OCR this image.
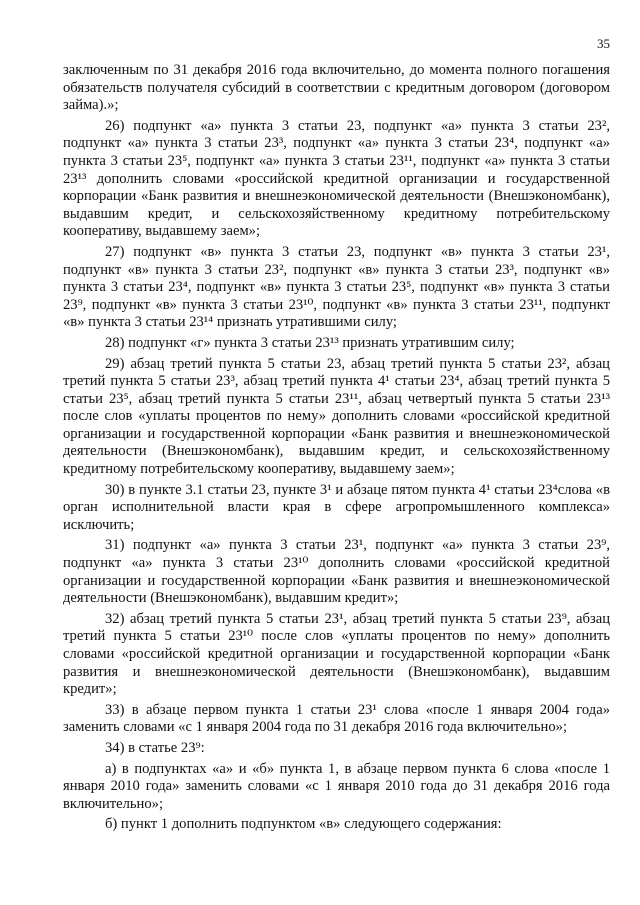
35

заключенным по 31 декабря 2016 года включительно, до момента полного погашения обязательств получателя субсидий в соответствии с кредитным договором (договором займа).»;

26) подпункт «а» пункта 3 статьи 23, подпункт «а» пункта 3 статьи 23², подпункт «а» пункта 3 статьи 23³, подпункт «а» пункта 3 статьи 23⁴, подпункт «а» пункта 3 статьи 23⁵, подпункт «а» пункта 3 статьи 23¹¹, подпункт «а» пункта 3 статьи 23¹³ дополнить словами «российской кредитной организации и государственной корпорации «Банк развития и внешнеэкономической деятельности (Внешэкономбанк), выдавшим кредит, и сельскохозяйственному кредитному потребительскому кооперативу, выдавшему заем»;

27) подпункт «в» пункта 3 статьи 23, подпункт «в» пункта 3 статьи 23¹, подпункт «в» пункта 3 статьи 23², подпункт «в» пункта 3 статьи 23³, подпункт «в» пункта 3 статьи 23⁴, подпункт «в» пункта 3 статьи 23⁵, подпункт «в» пункта 3 статьи 23⁹, подпункт «в» пункта 3 статьи 23¹⁰, подпункт «в» пункта 3 статьи 23¹¹, подпункт «в» пункта 3 статьи 23¹⁴ признать утратившими силу;

28) подпункт «г» пункта 3 статьи 23¹³ признать утратившим силу;

29) абзац третий пункта 5 статьи 23, абзац третий пункта 5 статьи 23², абзац третий пункта 5 статьи 23³, абзац третий пункта 4¹ статьи 23⁴, абзац третий пункта 5 статьи 23⁵, абзац третий пункта 5 статьи 23¹¹, абзац четвертый пункта 5 статьи 23¹³ после слов «уплаты процентов по нему» дополнить словами «российской кредитной организации и государственной корпорации «Банк развития и внешнеэкономической деятельности (Внешэкономбанк), выдавшим кредит, и сельскохозяйственному кредитному потребительскому кооперативу, выдавшему заем»;

30) в пункте 3.1 статьи 23, пункте 3¹ и абзаце пятом пункта 4¹ статьи 23⁴слова «в орган исполнительной власти края в сфере агропромышленного комплекса» исключить;

31) подпункт «а» пункта 3 статьи 23¹, подпункт «а» пункта 3 статьи 23⁹, подпункт «а» пункта 3 статьи 23¹⁰ дополнить словами «российской кредитной организации и государственной корпорации «Банк развития и внешнеэкономической деятельности (Внешэкономбанк), выдавшим кредит»;

32) абзац третий пункта 5 статьи 23¹, абзац третий пункта 5 статьи 23⁹, абзац третий пункта 5 статьи 23¹⁰ после слов «уплаты процентов по нему» дополнить словами «российской кредитной организации и государственной корпорации «Банк развития и внешнеэкономической деятельности (Внешэкономбанк), выдавшим кредит»;

33) в абзаце первом пункта 1 статьи 23¹ слова «после 1 января 2004 года» заменить словами «с 1 января 2004 года по 31 декабря 2016 года включительно»;

34) в статье 23⁹:

а) в подпунктах «а» и «б» пункта 1, в абзаце первом пункта 6 слова «после 1 января 2010 года» заменить словами «с 1 января 2010 года до 31 декабря 2016 года включительно»;

б) пункт 1 дополнить подпунктом «в» следующего содержания:
